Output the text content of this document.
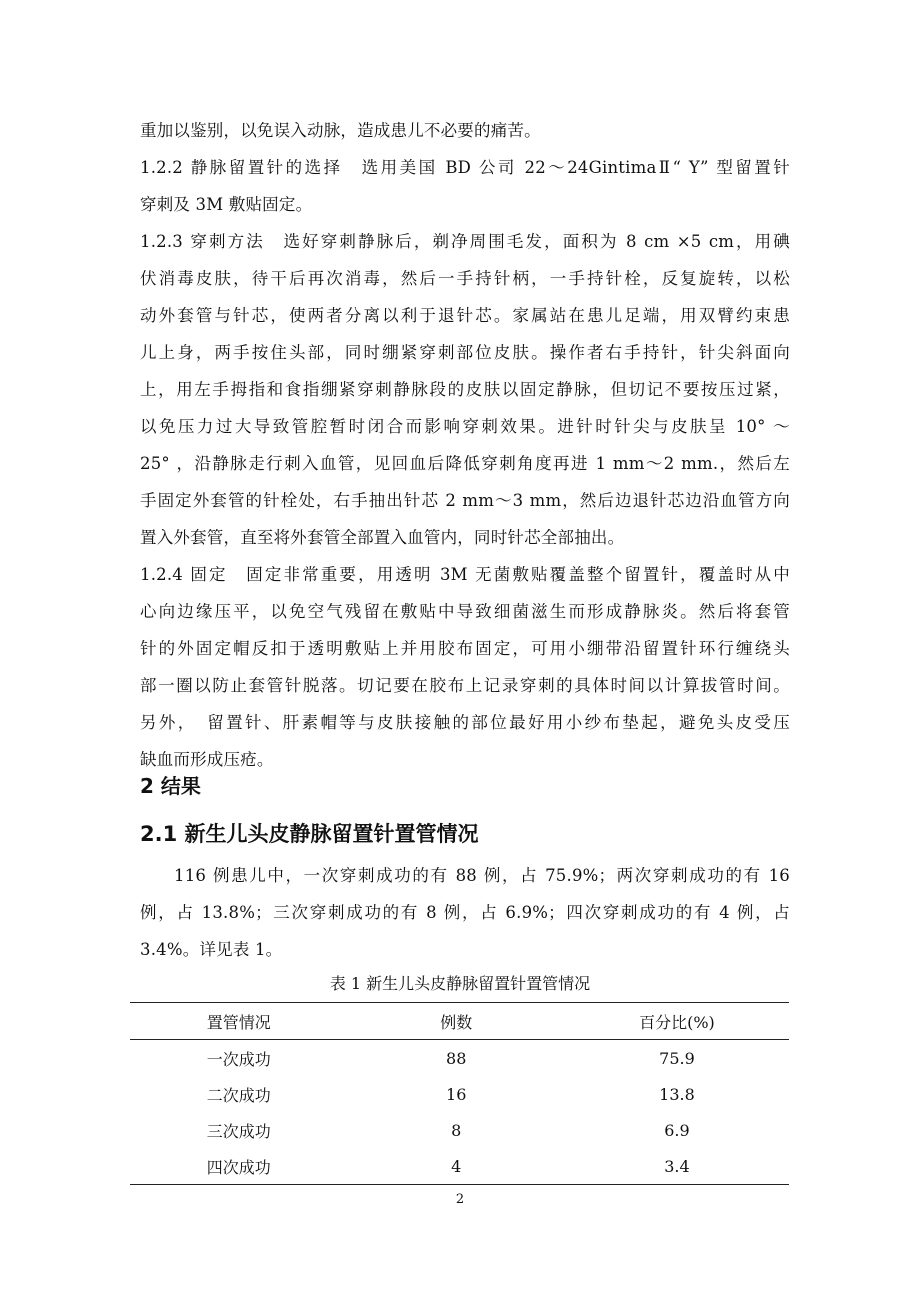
重加以鉴别，以免误入动脉，造成患儿不必要的痛苦。
1.2.2 静脉留置针的选择　选用美国 BD 公司 22～24GintimaⅡ“ Y” 型留置针
穿刺及 3M 敷贴固定。
1.2.3 穿刺方法　选好穿刺静脉后，剃净周围毛发，面积为 8 cm ×5 cm，用碘
伏消毒皮肤，待干后再次消毒，然后一手持针柄，一手持针栓，反复旋转，以松
动外套管与针芯，使两者分离以利于退针芯。家属站在患儿足端，用双臂约束患
儿上身，两手按住头部，同时绷紧穿刺部位皮肤。操作者右手持针，针尖斜面向
上，用左手拇指和食指绷紧穿刺静脉段的皮肤以固定静脉，但切记不要按压过紧，
以免压力过大导致管腔暂时闭合而影响穿刺效果。进针时针尖与皮肤呈 10° ～
25° ，沿静脉走行刺入血管，见回血后降低穿刺角度再进 1 mm～2 mm.，然后左
手固定外套管的针栓处，右手抽出针芯 2 mm～3 mm，然后边退针芯边沿血管方向
置入外套管，直至将外套管全部置入血管内，同时针芯全部抽出。
1.2.4 固定　固定非常重要，用透明 3M 无菌敷贴覆盖整个留置针，覆盖时从中
心向边缘压平，以免空气残留在敷贴中导致细菌滋生而形成静脉炎。然后将套管
针的外固定帽反扣于透明敷贴上并用胶布固定，可用小绷带沿留置针环行缠绕头
部一圈以防止套管针脱落。切记要在胶布上记录穿刺的具体时间以计算拔管时间。
另外，　留置针、肝素帽等与皮肤接触的部位最好用小纱布垫起，避免头皮受压
缺血而形成压疮。
2 结果
2.1 新生儿头皮静脉留置针置管情况
116 例患儿中，一次穿刺成功的有 88 例，占 75.9%；两次穿刺成功的有 16
例，占 13.8%；三次穿刺成功的有 8 例，占 6.9%；四次穿刺成功的有 4 例，占
3.4%。详见表 1。
表 1 新生儿头皮静脉留置针置管情况
置管情况	例数	百分比(%)
一次成功	88	75.9
二次成功	16	13.8
三次成功	8	6.9
四次成功	4	3.4
2
